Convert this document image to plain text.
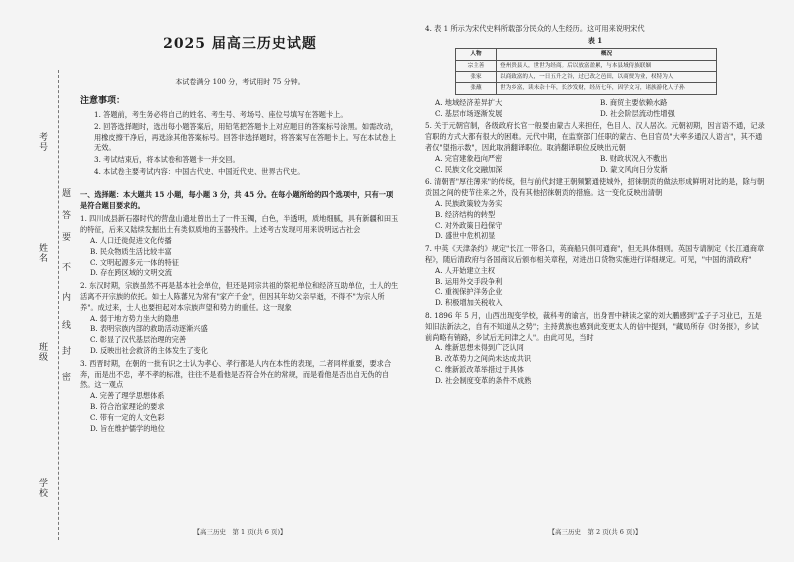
考号
姓名
班级
学校
题
答
要
不
内
线
封
密
2025 届高三历史试题
本试卷满分 100 分，考试用时 75 分钟。
注意事项：
1. 答题前，考生务必将自己的姓名、考生号、考场号、座位号填写在答题卡上。
2. 回答选择题时，选出每小题答案后，用铅笔把答题卡上对应题目的答案标号涂黑。如需改动，用橡皮擦干净后，再选涂其他答案标号。回答非选择题时，将答案写在答题卡上。写在本试卷上无效。
3. 考试结束后，将本试卷和答题卡一并交回。
4. 本试卷主要考试内容：中国古代史、中国近代史、世界古代史。
一、选择题：本大题共 15 小题，每小题 3 分，共 45 分。在每小题所给的四个选项中，只有一项是符合题目要求的。
1. 四川成县新石器时代的营盘山遗址曾出土了一件玉镯，白色，半透明，质地细腻，具有新疆和田玉的特征，后来又陆续发掘出土有类似质地的玉器残件。上述考古发现可用来说明远古社会
A. 人口迁徙促进文化传播
B. 民众物质生活比较丰富
C. 文明起源多元一体的特征
D. 存在跨区域的文明交流
2. 东汉时期，宗族虽然不再是基本社会单位，但还是同宗共祖的祭祀单位和经济互助单位，士人的生活离不开宗族的依托。如士人陈蕃兄为常有"家产千金"，但因其年幼父亲早逝，不得不"为宗人所养"。成过来，士人也要担起对本宗族声望和势力的重任。这一现象
A. 弱于地方势力坐大的隐患
B. 表明宗族内部的救助活动逐渐兴盛
C. 彰显了汉代基层治理的完善
D. 反映出社会救济的主体发生了变化
3. 西晋时期，在朝的一批有识之士认为孝心、孝行都是人内在本性的表现，二者同样重要，要求合奔，而是出不忠，孝不孝的标准，往往不是看他是否符合外在的常规，而是看他是否出自无伪的自然。这一观点
A. 完善了理学思想体系
B. 符合治家理论的要求
C. 带有一定的人文色彩
D. 旨在维护儒学的地位
【高三历史　第 1 页(共 6 页)】
4. 表 1 所示为宋代史料所载部分民众的人生经历。这可用来说明宋代
表 1
人物	概况
宗主善	登州贵县人，世世为经商。后以放富盈累，与本县域侍族联姻
张家	以商致富的人，一日五升之谷，过已改之邑田，以商贾为业，权特为人
张蘸	世为乡富，读未杂十年，长沙发财，经历七年，因学文习，诸族游化人子孙
A. 地域经济差异扩大	B. 商贸主要依赖水路
C. 基层市场逐渐发展	D. 社会阶层流动性增强
5. 关于元朝官制，各级政府长官一般要由蒙古人来担任，色目人、汉人居次。元朝初期，因言语不通，记录官职的方式大都有很大的困难。元代中期，在监察部门任职的蒙古、色目官员"大率多通汉人语言"，其不通者仅"望指示数"，因此取消翻译职位。取消翻译职位反映出元朝
A. 完官建象趋向严密	B. 财政状况入不敷出
C. 民族文化交融加深	D. 蒙文风向日分发渐
6. 清朝晋"厚往薄来"的传统，但与前代封建王朝频繁通使城外，招徕朝贡的做法形成鲜明对比的是，除与朝贡国之间的使节往来之外，没有其他招徕朝贡的措施。这一变化反映出清朝
A. 民族政策较为务实
B. 经济结构的转型
C. 对外政策日趋保守
D. 盛世中危机初显
7. 中英《天津条约》规定"长江一带各口，英商船只俱可通商"，但无具体细则。英国专请制定《长江通商章程》，随后清政府与各国商议后颁布相关章程，对进出口货物实施进行详细规定。可见，"中国的清政府"
A. 人开始建立主权
B. 运用外交手段争利
C. 重视保护洋务企业
D. 积极增加关税收入
8. 1896 年 5 月，山西出现变学校，裁科考的谕言，出身晋中耕读之家的刘大鹏感到"孟子子习业已，五是知旧法新法之，自有不知道从之势"；主持黄族也感到此变更太人的信中提到，"藏局所存《时务报》，乡试前尚略有销路，乡试后无问津之人"。由此可见，当时
A. 维新思想未得到广泛认同
B. 改革势力之间尚未达成共识
C. 维新派改革举措过于具体
D. 社会制度变革的条件不成熟
【高三历史　第 2 页(共 6 页)】
